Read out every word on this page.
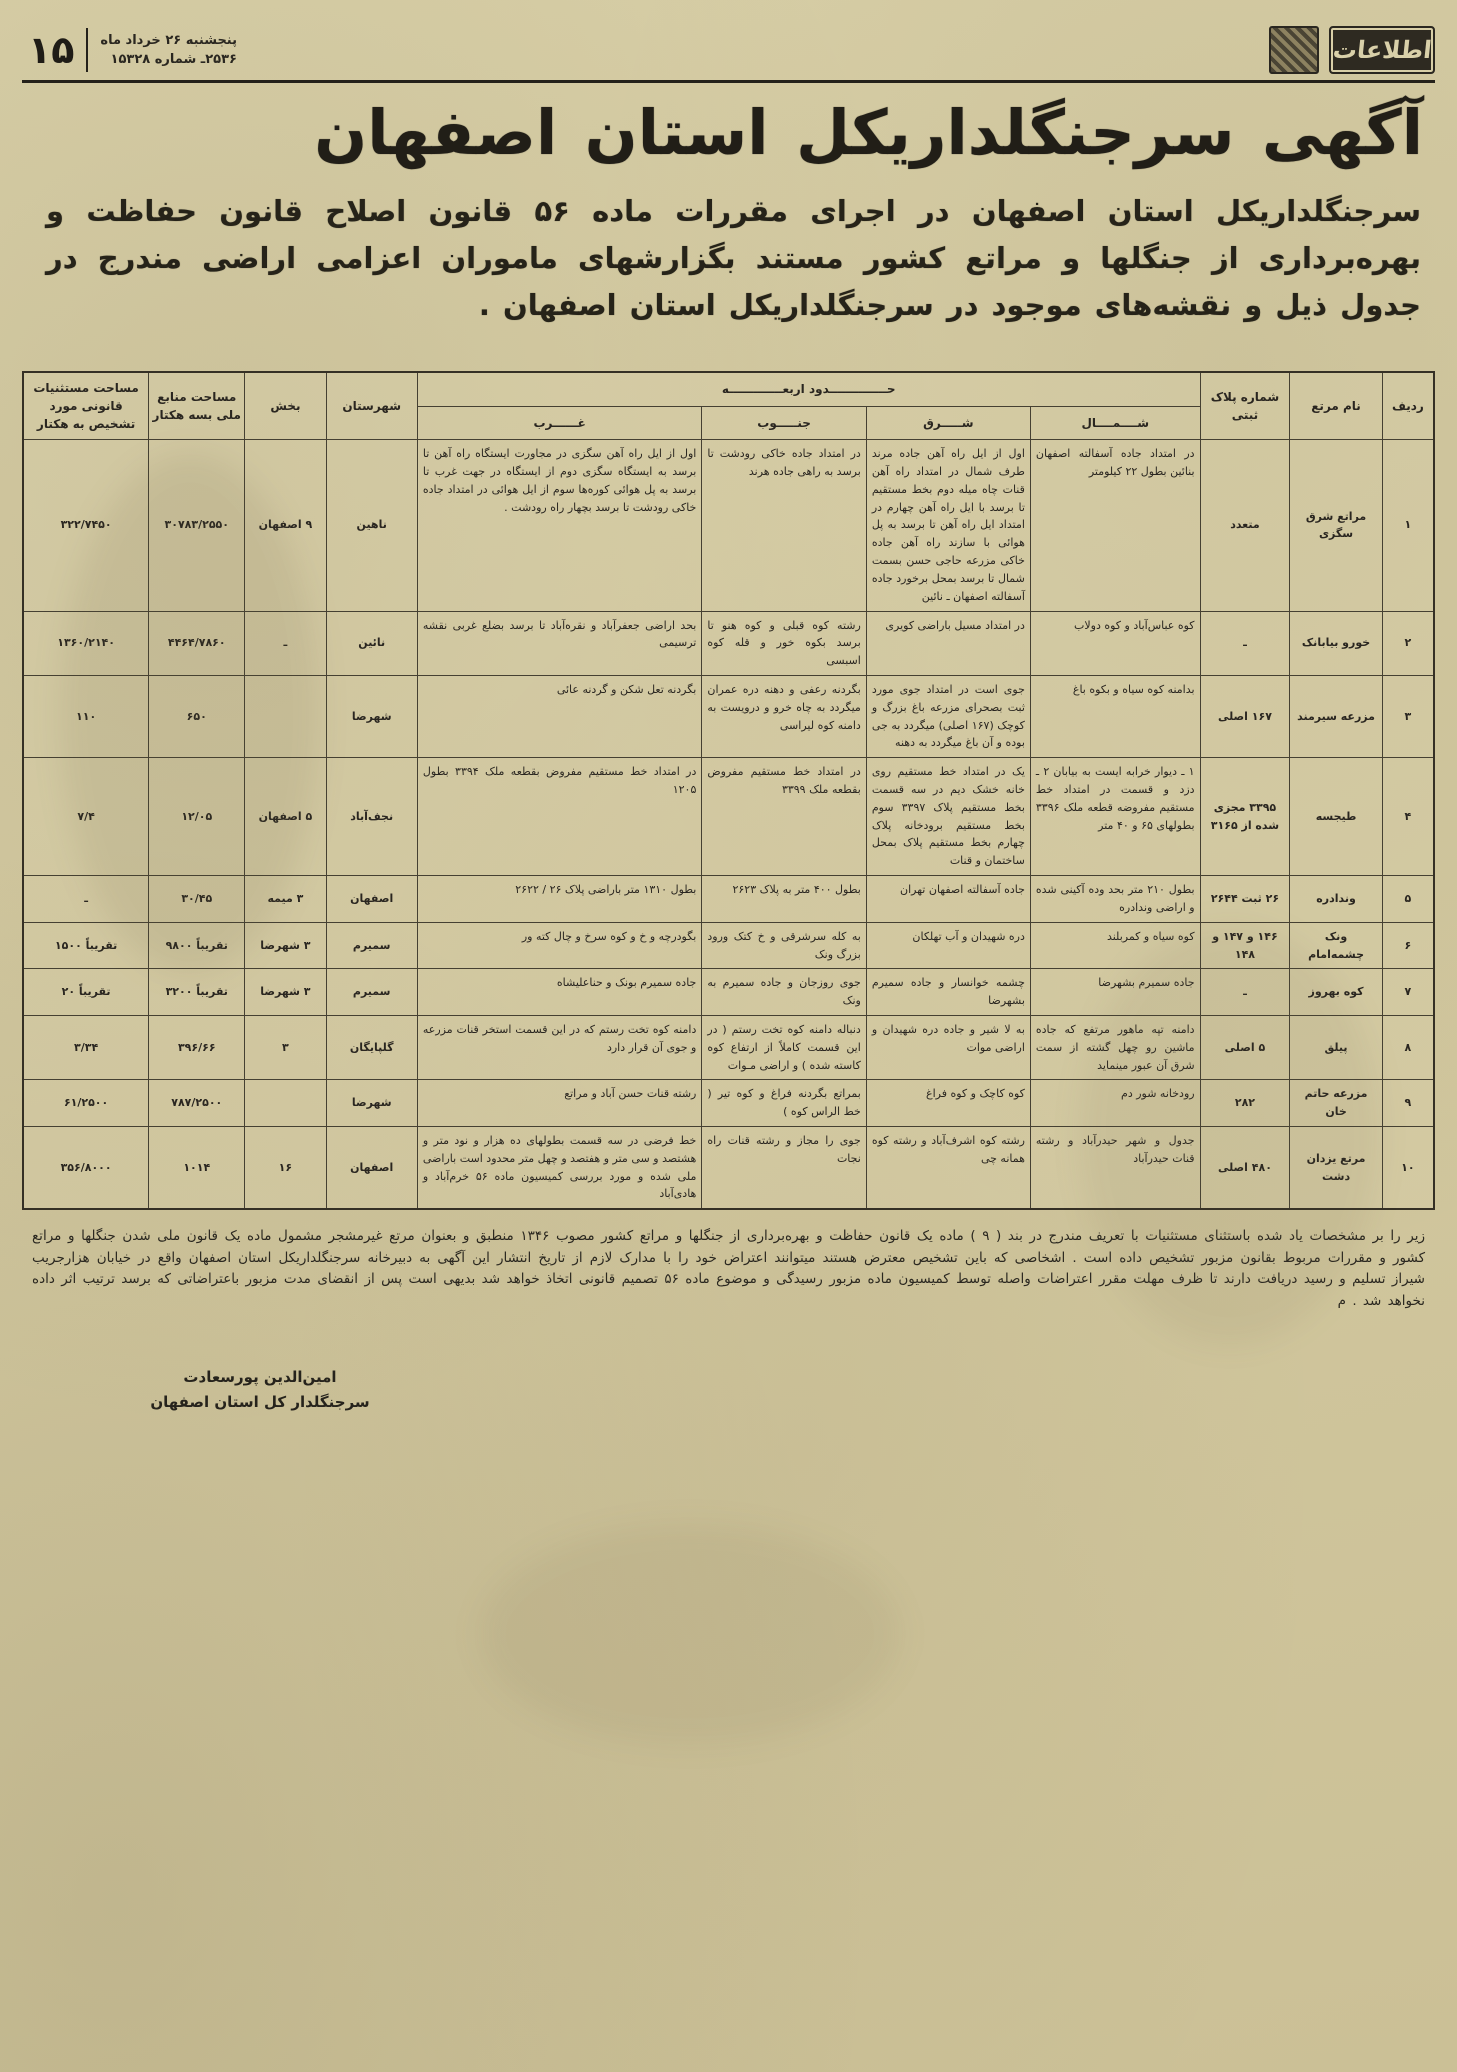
اطلاعات
پنجشنبه ۲۶ خرداد ماه
۲۵۳۶ـ شماره ۱۵۳۲۸
۱۵
آگهی سرجنگلداریکل استان اصفهان

سرجنگلداریکل استان اصفهان در اجرای مقررات ماده ۵۶ قانون اصلاح قانون حفاظت و بهره‌برداری از جنگلها و مراتع کشور مستند بگزارشهای ماموران اعزامی اراضی مندرج در جدول ذیل و نقشه‌های موجود در سرجنگلداریکل استان اصفهان .

ردیف	نام مرتع	شماره پلاک ثبتی	حــــــــــــــدود اربعـــــــــــــه				شهرستان	بخش	مساحت منابع ملی بسه هکتار	مساحت مستثنیات قانونی مورد تشخیص به هکتار
			شــــمــــال	شـــــرق	جنـــــوب	غــــــرب				
۱	مراتع شرق سگزی	متعدد	در امتداد جاده آسفالته اصفهان بنائین بطول ۲۲ کیلومتر	اول از ایل راه آهن جاده مرند طرف شمال در امتداد راه آهن قنات چاه میله دوم بخط مستقیم تا برسد با ایل راه آهن چهارم در امتداد ایل راه آهن تا برسد به پل هوائی با سازند راه آهن جاده خاکی مزرعه حاجی حسن بسمت شمال تا برسد بمحل برخورد جاده آسفالته اصفهان ـ نائین	در امتداد جاده خاکی رودشت تا برسد به راهی جاده هرند	اول از ایل راه آهن سگزی در مجاورت ایستگاه راه آهن تا برسد به ایستگاه سگزی دوم از ایستگاه در جهت غرب تا برسد به پل هوائی کوره‌ها سوم از ایل هوائی در امتداد جاده خاکی رودشت تا برسد بچهار راه رودشت .	ناهین	۹ اصفهان	۳۰۷۸۳/۲۵۵۰	۳۲۲/۷۴۵۰
۲	خورو بیابانک	ـ	کوه عباس‌آباد و کوه دولاب	در امتداد مسیل باراضی کویری	رشته کوه قبلی و کوه هنو تا برسد بکوه خور و قله کوه اسبسی	بحد اراضی جعفرآباد و نقره‌آباد تا برسد بضلع غربی نقشه ترسیمی	نائین	ـ	۴۴۶۴/۷۸۶۰	۱۳۶۰/۲۱۴۰
۳	مزرعه سیرمند	۱۶۷ اصلی	بدامنه کوه سیاه و بکوه باغ	جوی است در امتداد جوی مورد ثبت بصحرای مزرعه باغ بزرگ و کوچک (۱۶۷ اصلی) میگردد به جی بوده و آن باغ میگردد به دهنه	بگردنه رعفی و دهنه دره عمران میگردد به چاه خرو و درویست به دامنه کوه لیراسی	بگردنه تعل شکن و گردنه عائی	شهرضا		۶۵۰	۱۱۰
۴	طیجسه	۳۳۹۵ مجزی شده از ۳۱۶۵	۱ ـ دیوار خرابه ایست به بیابان ۲ ـ دزد و قسمت در امتداد خط مستقیم مفروضه قطعه ملک ۳۳۹۶ بطولهای ۶۵ و ۴۰ متر	یک در امتداد خط مستقیم روی خانه خشک دیم در سه قسمت بخط مستقیم پلاک ۳۳۹۷ سوم بخط مستقیم برودخانه پلاک چهارم بخط مستقیم پلاک بمحل ساختمان و قنات	در امتداد خط مستقیم مفروض بقطعه ملک ۳۳۹۹	در امتداد خط مستقیم مفروض بقطعه ملک ۳۳۹۴ بطول ۱۲۰۵	نجف‌آباد	۵ اصفهان	۱۲/۰۵	۷/۴
۵	وندادره	۲۶ ثبت ۲۶۴۴	بطول ۲۱۰ متر بحد وده آکینی شده و اراضی وندادره	جاده آسفالته اصفهان تهران	بطول ۴۰۰ متر به پلاک ۲۶۲۳	بطول ۱۳۱۰ متر باراضی پلاک ۲۶ / ۲۶۲۲	اصفهان	۳ میمه	۳۰/۴۵	ـ
۶	ونک چشمه‌امام	۱۴۶ و ۱۴۷ و ۱۴۸	کوه سیاه و کمربلند	دره شهیدان و آب تهلکان	به کله سرشرقی و خ کتک ورود بزرگ ونک	بگودرچه و خ و کوه سرخ و چال کته ور	سمیرم	۳ شهرضا	تقریباً ۹۸۰۰	تقریباً ۱۵۰۰
۷	کوه بهروز	ـ	جاده سمیرم بشهرضا	چشمه خوانسار و جاده سمیرم بشهرضا	جوی روزجان و جاده سمیرم به ونک	جاده سمیرم بونک و حناعلیشاه	سمیرم	۳ شهرضا	تقریباً ۳۲۰۰	تقریباً ۲۰
۸	پیلق	۵ اصلی	دامنه تپه ماهور مرتفع که جاده ماشین رو چهل گشته از سمت شرق آن عبور مینماید	به لا شیر و جاده دره شهیدان و اراضی موات	دنباله دامنه کوه تخت رستم ( در این قسمت کاملاً از ارتفاع کوه کاسته شده ) و اراضی مـوات	دامنه کوه تخت رستم که در این قسمت استخر قنات مزرعه و جوی آن قرار دارد	گلپایگان	۳	۳۹۶/۶۶	۳/۳۴
۹	مزرعه حاتم خان	۲۸۲	رودخانه شور دم	کوه کاچک و کوه فراغ	بمراتع بگردنه فراغ و کوه تیر ( خط الراس کوه )	رشته قنات حسن آباد و مراتع	شهرضا		۷۸۷/۲۵۰۰	۶۱/۲۵۰۰
۱۰	مرتع یزدان دشت	۴۸۰ اصلی	جدول و شهر حیدرآباد و رشته قنات حیدرآباد	رشته کوه اشرف‌آباد و رشته کوه همانه چی	جوی را مجاز و رشته قنات راه نجات	خط فرضی در سه قسمت بطولهای ده هزار و نود متر و هشتصد و سی متر و هفتصد و چهل متر محدود است باراضی ملی شده و مورد بررسی کمیسیون ماده ۵۶ خرم‌آباد و هادی‌آباد	اصفهان	۱۶	۱۰۱۴	۳۵۶/۸۰۰۰

زیر را بر مشخصات یاد شده باستثنای مستثنیات با تعریف مندرج در بند ( ۹ ) ماده یک قانون حفاظت و بهره‌برداری از جنگلها و مراتع کشور مصوب ۱۳۴۶ منطبق و بعنوان مرتع غیرمشجر مشمول ماده یک قانون ملی شدن جنگلها و مراتع کشور و مقررات مربوط بقانون مزبور تشخیص داده است . اشخاصی که باین تشخیص معترض هستند میتوانند اعتراض خود را با مدارک لازم از تاریخ انتشار این آگهی به دبیرخانه سرجنگلداریکل استان اصفهان واقع در خیابان هزارجریب شیراز تسلیم و رسید دریافت دارند تا ظرف مهلت مقرر اعتراضات واصله توسط کمیسیون ماده مزبور رسیدگی و موضوع ماده ۵۶ تصمیم قانونی اتخاذ خواهد شد بدیهی است پس از انقضای مدت مزبور باعتراضاتی که برسد ترتیب اثر داده نخواهد شد . م

امین‌الدین پورسعادت
سرجنگلدار کل استان اصفهان
